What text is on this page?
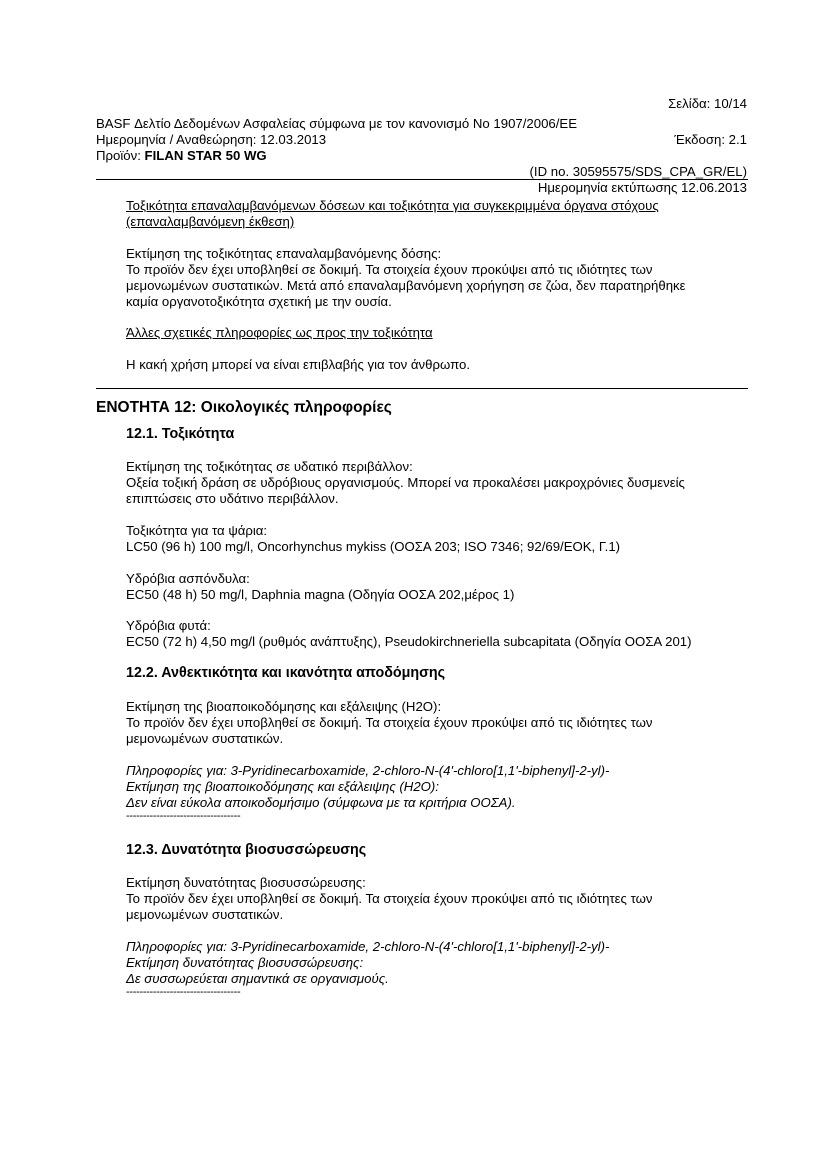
Σελίδα: 10/14
BASF Δελτίο Δεδομένων Ασφαλείας σύμφωνα με τον κανονισμό Νο 1907/2006/ΕΕ
Ημερομηνία / Αναθεώρηση: 12.03.2013	Έκδοση: 2.1
Προϊόν: FILAN STAR 50 WG
(ID no. 30595575/SDS_CPA_GR/EL)
Ημερομηνία εκτύπωσης 12.06.2013
Τοξικότητα επαναλαμβανόμενων δόσεων και τοξικότητα για συγκεκριμμένα όργανα στόχους
(επαναλαμβανόμενη έκθεση)
Εκτίμηση της τοξικότητας επαναλαμβανόμενης δόσης:
Το προϊόν δεν έχει υποβληθεί σε δοκιμή. Τα στοιχεία έχουν προκύψει από τις ιδιότητες των
μεμονωμένων συστατικών. Μετά από επαναλαμβανόμενη χορήγηση σε ζώα, δεν παρατηρήθηκε
καμία οργανοτοξικότητα σχετική με την ουσία.
Άλλες σχετικές πληροφορίες ως προς την τοξικότητα
Η κακή χρήση μπορεί να είναι επιβλαβής για τον άνθρωπο.
ΕΝΟΤΗΤΑ 12: Οικολογικές πληροφορίες
12.1. Τοξικότητα
Εκτίμηση της τοξικότητας σε υδατικό περιβάλλον:
Οξεία τοξική δράση σε υδρόβιους οργανισμούς. Μπορεί να προκαλέσει μακροχρόνιες δυσμενείς
επιπτώσεις στο υδάτινο περιβάλλον.
Τοξικότητα για τα ψάρια:
LC50 (96 h) 100 mg/l, Oncorhynchus mykiss (ΟΟΣΑ 203; ISO 7346; 92/69/ΕΟΚ, Γ.1)
Υδρόβια ασπόνδυλα:
EC50 (48 h) 50 mg/l, Daphnia magna (Οδηγία ΟΟΣΑ 202,μέρος 1)
Υδρόβια φυτά:
EC50 (72 h) 4,50 mg/l (ρυθμός ανάπτυξης), Pseudokirchneriella subcapitata (Οδηγία ΟΟΣΑ 201)
12.2. Ανθεκτικότητα και ικανότητα αποδόμησης
Εκτίμηση της βιοαποικοδόμησης και εξάλειψης (H2O):
Το προϊόν δεν έχει υποβληθεί σε δοκιμή. Τα στοιχεία έχουν προκύψει από τις ιδιότητες των
μεμονωμένων συστατικών.
Πληροφορίες για: 3-Pyridinecarboxamide, 2-chloro-N-(4'-chloro[1,1'-biphenyl]-2-yl)-
Εκτίμηση της βιοαποικοδόμησης και εξάλειψης (H2O):
Δεν είναι εύκολα αποικοδομήσιμο (σύμφωνα με τα κριτήρια ΟΟΣΑ).
----------------------------------
12.3. Δυνατότητα βιοσυσσώρευσης
Εκτίμηση δυνατότητας βιοσυσσώρευσης:
Το προϊόν δεν έχει υποβληθεί σε δοκιμή. Τα στοιχεία έχουν προκύψει από τις ιδιότητες των
μεμονωμένων συστατικών.
Πληροφορίες για: 3-Pyridinecarboxamide, 2-chloro-N-(4'-chloro[1,1'-biphenyl]-2-yl)-
Εκτίμηση δυνατότητας βιοσυσσώρευσης:
Δε συσσωρεύεται σημαντικά σε οργανισμούς.
----------------------------------
